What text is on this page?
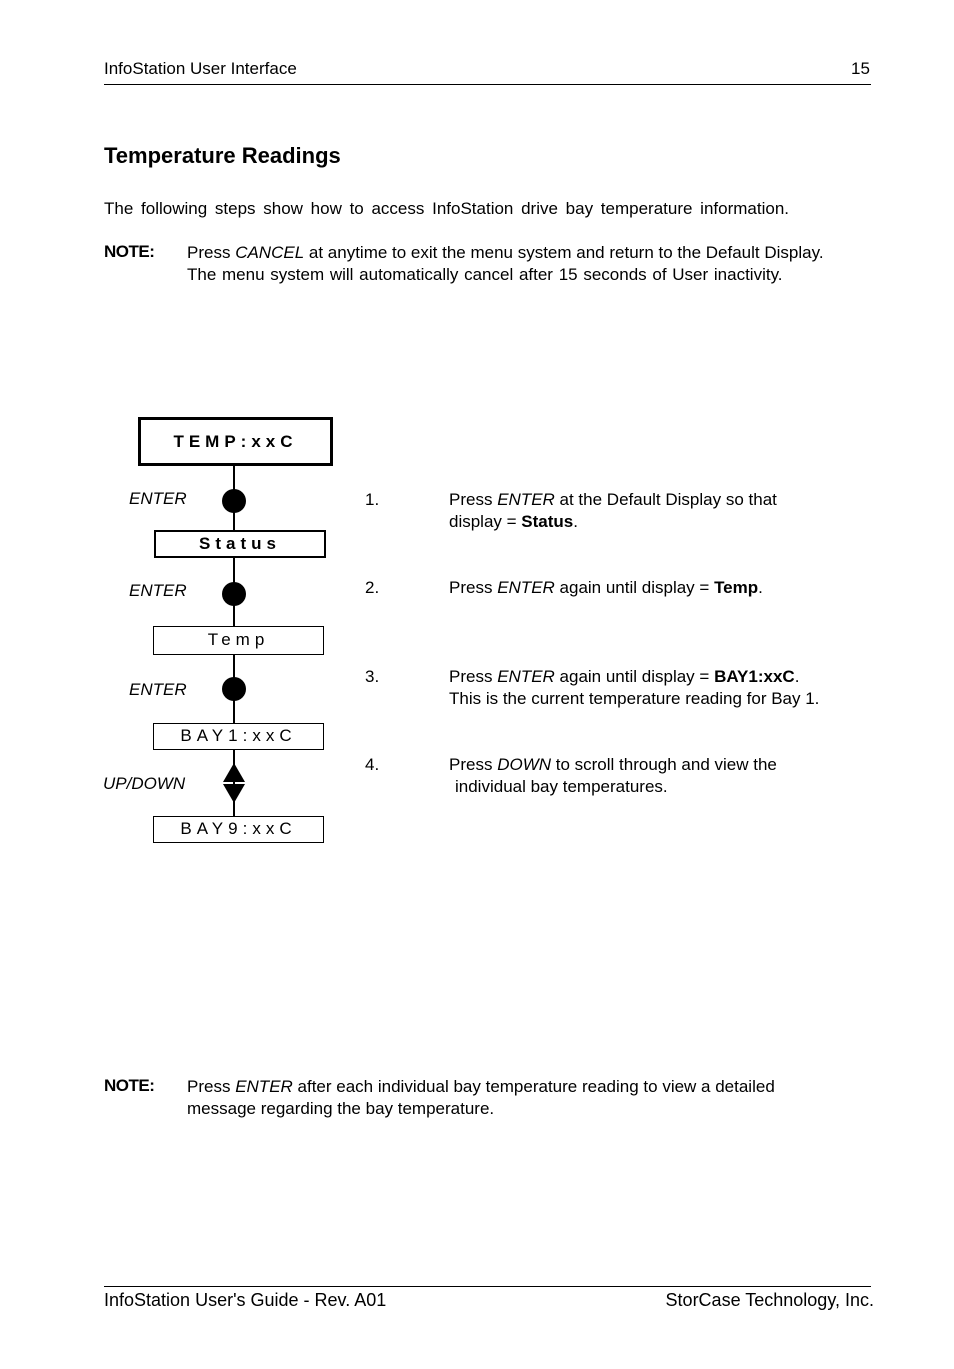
InfoStation User Interface	15
Temperature Readings
The following steps show how to access InfoStation drive bay temperature information.
NOTE: Press CANCEL at anytime to exit the menu system and return to the Default Display.
The menu system will automatically cancel after 15 seconds of User inactivity.
TEMP:xxC
ENTER
Status
ENTER
Temp
ENTER
BAY1:xxC
UP/DOWN
BAY9:xxC
1.	Press ENTER at the Default Display so that
display = Status.
2.	Press ENTER again until display = Temp.
3.	Press ENTER again until display = BAY1:xxC.
This is the current temperature reading for Bay 1.
4.	Press DOWN to scroll through and view the
individual bay temperatures.
NOTE: Press ENTER after each individual bay temperature reading to view a detailed
message regarding the bay temperature.
InfoStation User's Guide - Rev. A01	StorCase Technology, Inc.
